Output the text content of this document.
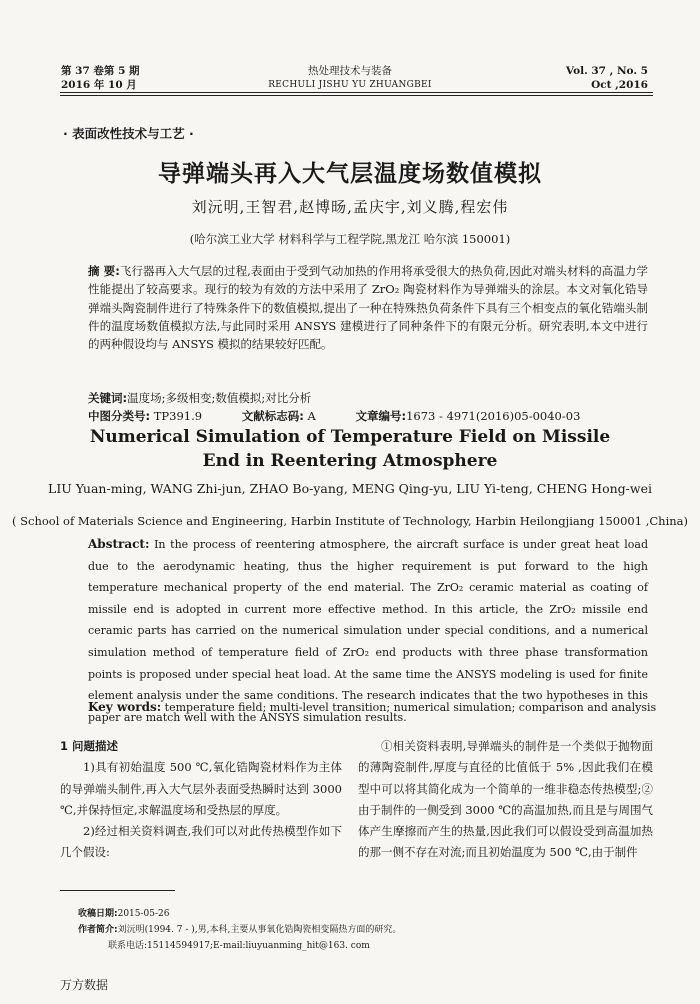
第 37 卷第 5 期
2016 年 10 月
热处理技术与装备
RECHULI JISHU YU ZHUANGBEI
Vol. 37 , No. 5
Oct ,2016
· 表面改性技术与工艺 ·
导弹端头再入大气层温度场数值模拟
刘沅明,王智君,赵博旸,孟庆宇,刘义腾,程宏伟
(哈尔滨工业大学 材料科学与工程学院,黑龙江 哈尔滨 150001)
摘 要:飞行器再入大气层的过程,表面由于受到气动加热的作用将承受很大的热负荷,因此对端头材料的高温力学性能提出了较高要求。现行的较为有效的方法中采用了 ZrO₂ 陶瓷材料作为导弹端头的涂层。本文对氧化锆导弹端头陶瓷制件进行了特殊条件下的数值模拟,提出了一种在特殊热负荷条件下具有三个相变点的氧化锆端头制件的温度场数值模拟方法,与此同时采用 ANSYS 建模进行了同种条件下的有限元分析。研究表明,本文中进行的两种假设均与 ANSYS 模拟的结果较好匹配。
关键词:温度场;多级相变;数值模拟;对比分析
中图分类号: TP391.9	文献标志码: A	文章编号:1673 - 4971(2016)05-0040-03
Numerical Simulation of Temperature Field on Missile
End in Reentering Atmosphere
LIU Yuan-ming, WANG Zhi-jun, ZHAO Bo-yang, MENG Qing-yu, LIU Yi-teng, CHENG Hong-wei
( School of Materials Science and Engineering, Harbin Institute of Technology, Harbin Heilongjiang 150001 ,China)
Abstract: In the process of reentering atmosphere, the aircraft surface is under great heat load due to the aerodynamic heating, thus the higher requirement is put forward to the high temperature mechanical property of the end material. The ZrO₂ ceramic material as coating of missile end is adopted in current more effective method. In this article, the ZrO₂ missile end ceramic parts has carried on the numerical simulation under special conditions, and a numerical simulation method of temperature field of ZrO₂ end products with three phase transformation points is proposed under special heat load. At the same time the ANSYS modeling is used for finite element analysis under the same conditions. The research indicates that the two hypotheses in this paper are match well with the ANSYS simulation results.
Key words: temperature field; multi-level transition; numerical simulation; comparison and analysis

1 问题描述

1)具有初始温度 500 ℃,氧化锆陶瓷材料作为主体的导弹端头制件,再入大气层外表面受热瞬时达到 3000 ℃,并保持恒定,求解温度场和受热层的厚度。

2)经过相关资料调查,我们可以对此传热模型作如下几个假设:

①相关资料表明,导弹端头的制件是一个类似于抛物面的薄陶瓷制件,厚度与直径的比值低于 5% ,因此我们在模型中可以将其简化成为一个简单的一维非稳态传热模型;②由于制件的一侧受到 3000 ℃的高温加热,而且是与周围气体产生摩擦而产生的热量,因此我们可以假设受到高温加热的那一侧不存在对流;而且初始温度为 500 ℃,由于制件

收稿日期:2015-05-26
作者简介:刘沅明(1994. 7 - ),男,本科,主要从事氧化锆陶瓷相变隔热方面的研究。
联系电话:15114594917;E-mail:liuyuanming_hit@163. com
万方数据
